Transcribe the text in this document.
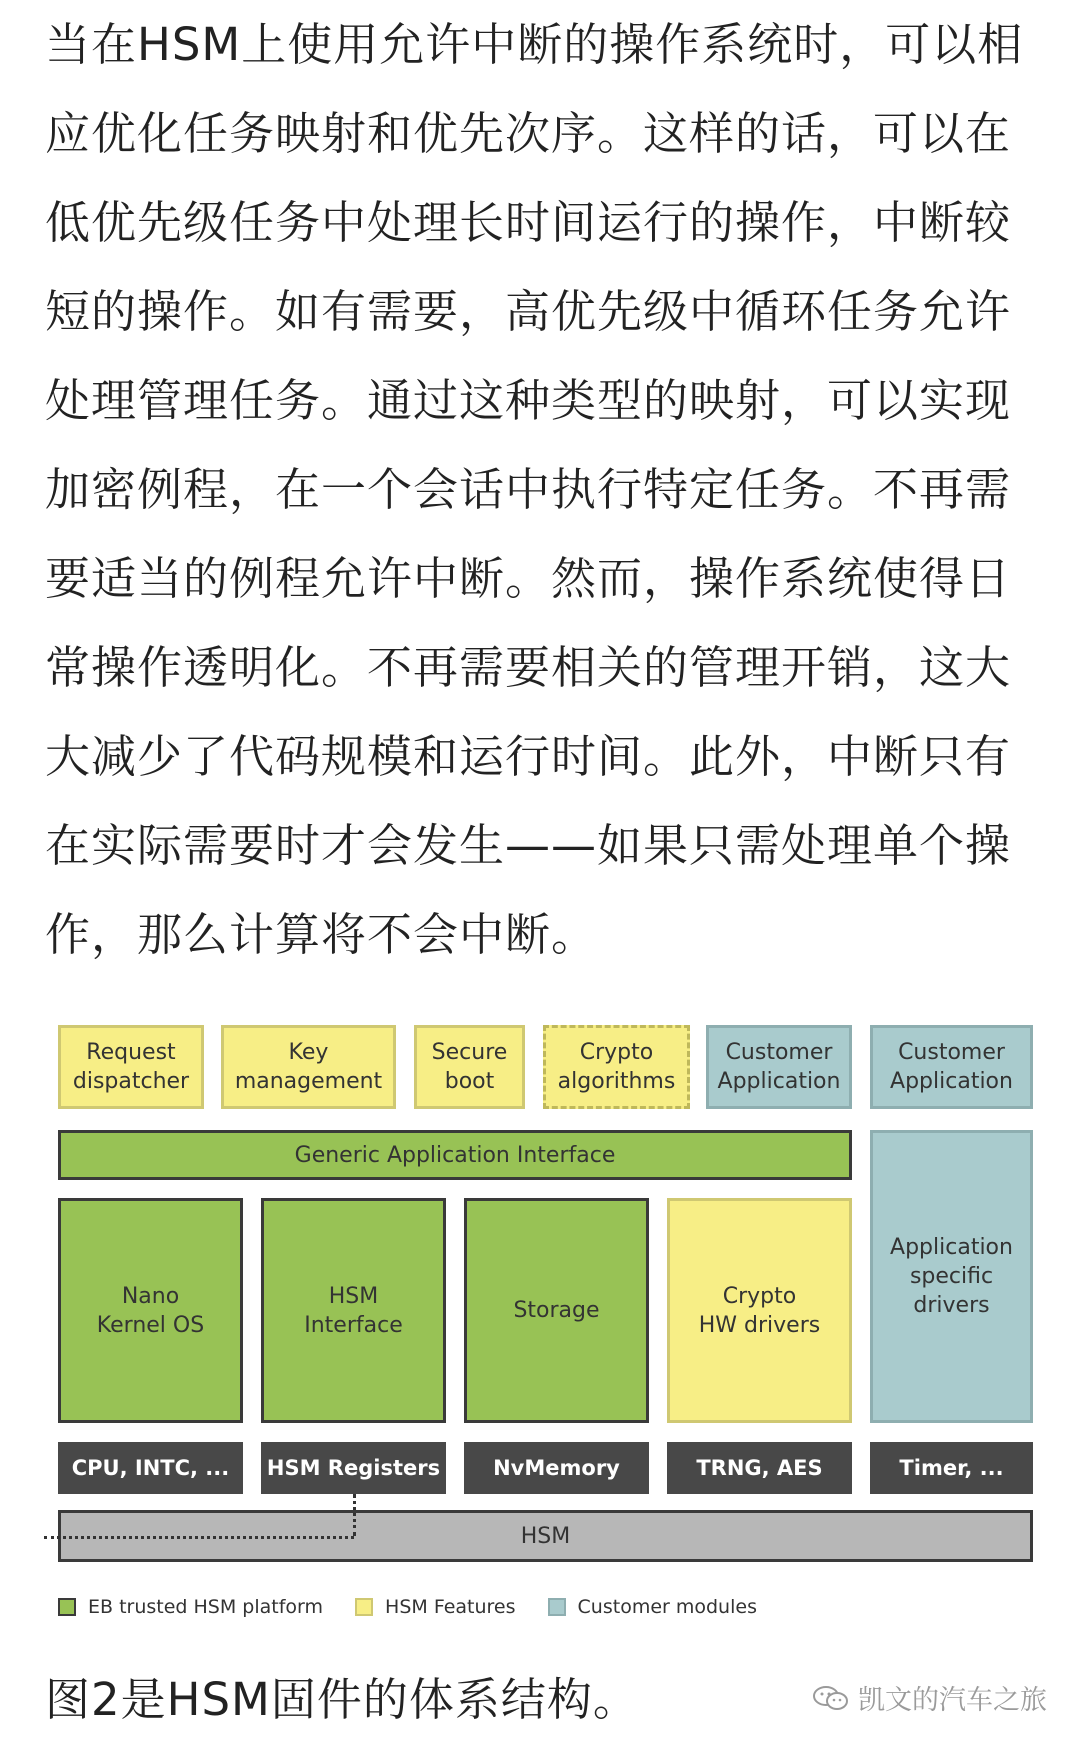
当在HSM上使用允许中断的操作系统时，可以相
应优化任务映射和优先次序。这样的话，可以在
低优先级任务中处理长时间运行的操作，中断较
短的操作。如有需要，高优先级中循环任务允许
处理管理任务。通过这种类型的映射，可以实现
加密例程，在一个会话中执行特定任务。不再需
要适当的例程允许中断。然而，操作系统使得日
常操作透明化。不再需要相关的管理开销，这大
大减少了代码规模和运行时间。此外，中断只有
在实际需要时才会发生——如果只需处理单个操
作，那么计算将不会中断。
Request
dispatcher
Key
management
Secure
boot
Crypto
algorithms
Customer
Application
Customer
Application
Generic Application Interface
Nano
Kernel OS
HSM
Interface
Storage
Crypto
HW drivers
Application
specific
drivers
CPU, INTC, ...	HSM Registers	NvMemory	TRNG, AES	Timer, ...
HSM
EB trusted HSM platform	HSM Features	Customer modules
图2是HSM固件的体系结构。	凯文的汽车之旅
